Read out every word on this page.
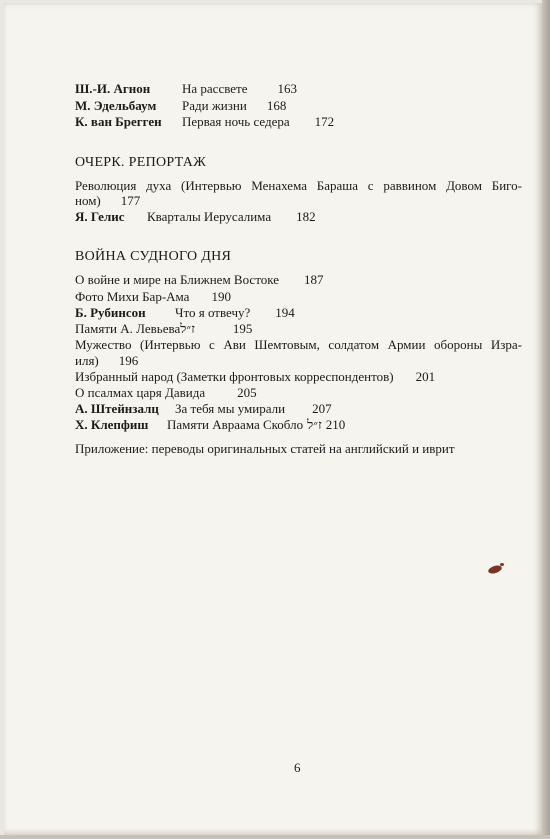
Ш.-И. Агнон На рассвете 163
М. Эдельбаум Ради жизни 168
К. ван Брегген Первая ночь седера 172
ОЧЕРК. РЕПОРТАЖ
Революция духа (Интервью Менахема Бараша с раввином Довом Биго-
ном) 177
Я. Гелис Кварталы Иерусалима 182
ВОЙНА СУДНОГО ДНЯ
О войне и мире на Ближнем Востоке 187
Фото Михи Бар-Ама 190
Б. Рубинсон Что я отвечу? 194
Памяти А. Левьеваז״ל	195
Мужество (Интервью с Ави Шемтовым, солдатом Армии обороны Изра-
иля) 196
Избранный народ (Заметки фронтовых корреспондентов) 201
О псалмах царя Давида 205
А. Штейнзалц За тебя мы умирали 207
Х. Клепфиш Памяти Авраама Скобло ז״ל 210
Приложение: переводы оригинальных статей на английский и иврит
6
